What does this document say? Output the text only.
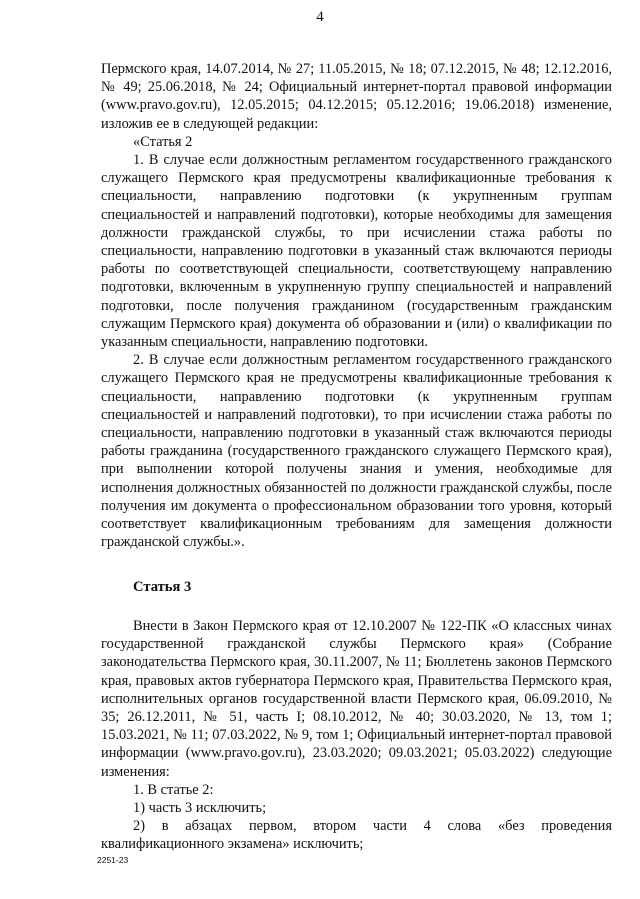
4

Пермского края, 14.07.2014, № 27; 11.05.2015, № 18; 07.12.2015, № 48; 12.12.2016, № 49; 25.06.2018, № 24; Официальный интернет-портал правовой информации (www.pravo.gov.ru), 12.05.2015; 04.12.2015; 05.12.2016; 19.06.2018) изменение, изложив ее в следующей редакции:

«Статья 2

1. В случае если должностным регламентом государственного гражданского служащего Пермского края предусмотрены квалификационные требования к специальности, направлению подготовки (к укрупненным группам специальностей и направлений подготовки), которые необходимы для замещения должности гражданской службы, то при исчислении стажа работы по специальности, направлению подготовки в указанный стаж включаются периоды работы по соответствующей специальности, соответствующему направлению подготовки, включенным в укрупненную группу специальностей и направлений подготовки, после получения гражданином (государственным гражданским служащим Пермского края) документа об образовании и (или) о квалификации по указанным специальности, направлению подготовки.

2. В случае если должностным регламентом государственного гражданского служащего Пермского края не предусмотрены квалификационные требования к специальности, направлению подготовки (к укрупненным группам специальностей и направлений подготовки), то при исчислении стажа работы по специальности, направлению подготовки в указанный стаж включаются периоды работы гражданина (государственного гражданского служащего Пермского края), при выполнении которой получены знания и умения, необходимые для исполнения должностных обязанностей по должности гражданской службы, после получения им документа о профессиональном образовании того уровня, который соответствует квалификационным требованиям для замещения должности гражданской службы.».

Статья 3

Внести в Закон Пермского края от 12.10.2007 № 122-ПК «О классных чинах государственной гражданской службы Пермского края» (Собрание законодательства Пермского края, 30.11.2007, № 11; Бюллетень законов Пермского края, правовых актов губернатора Пермского края, Правительства Пермского края, исполнительных органов государственной власти Пермского края, 06.09.2010, № 35; 26.12.2011, № 51, часть I; 08.10.2012, № 40; 30.03.2020, № 13, том 1; 15.03.2021, № 11; 07.03.2022, № 9, том 1; Официальный интернет-портал правовой информации (www.pravo.gov.ru), 23.03.2020; 09.03.2021; 05.03.2022) следующие изменения:

1. В статье 2:

1) часть 3 исключить;

2) в абзацах первом, втором части 4 слова «без проведения квалификационного экзамена» исключить;

2251-23
